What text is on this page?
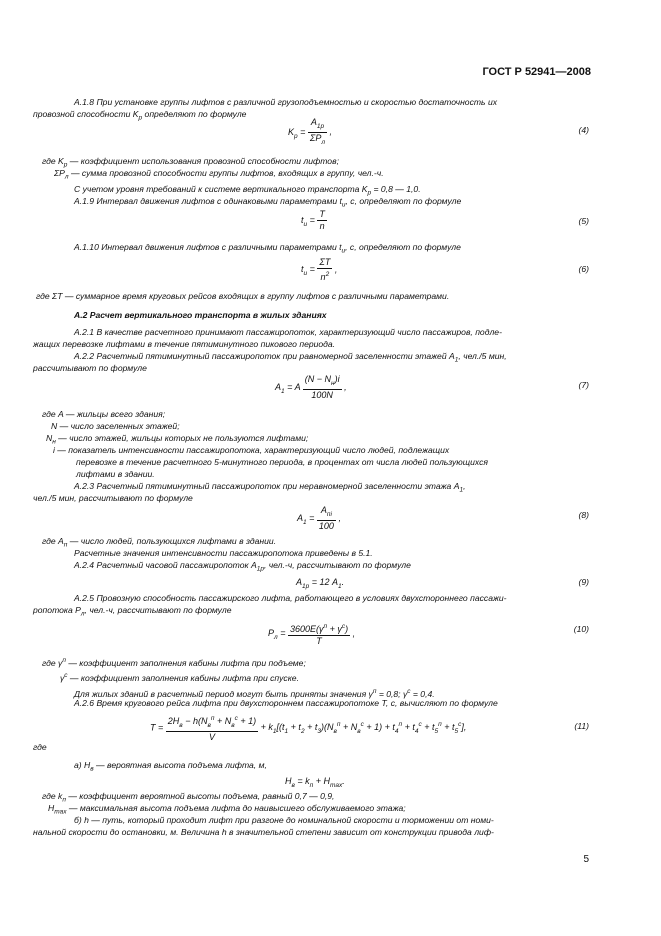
ГОСТ Р 52941—2008
А.1.8 При установке группы лифтов с различной грузоподъемностью и скоростью достаточность их
провозной способности $K_р$ определяют по формуле
где $K_р$ — коэффициент использования провозной способности лифтов;
$\Sigma P_л$ — сумма провозной способности группы лифтов, входящих в группу, чел.-ч.
С учетом уровня требований к системе вертикального транспорта $K_р = 0,8$ — 1,0.
А.1.9 Интервал движения лифтов с одинаковыми параметрами $t_и$, с, определяют по формуле
А.1.10 Интервал движения лифтов с различными параметрами $t_и$, с, определяют по формуле
где ΣT — суммарное время круговых рейсов входящих в группу лифтов с различными параметрами.
А.2 Расчет вертикального транспорта в жилых зданиях
А.2.1 В качестве расчетного принимают пассажиропоток, характеризующий число пассажиров, подле-
жащих перевозке лифтами в течение пятиминутного пикового периода.
А.2.2 Расчетный пятиминутный пассажиропоток при равномерной заселенности этажей $A_1$, чел./5 мин,
рассчитывают по формуле
где A — жильцы всего здания;
N — число заселенных этажей;
$N_н$ — число этажей, жильцы которых не пользуются лифтами;
i — показатель интенсивности пассажиропотока, характеризующий число людей, подлежащих
перевозке в течение расчетного 5-минутного периода, в процентах от числа людей пользующихся
лифтами в здании.
А.2.3 Расчетный пятиминутный пассажиропоток при неравномерной заселенности этажа $A_1$,
чел./5 мин, рассчитывают по формуле
где $A_п$ — число людей, пользующихся лифтами в здании.
Расчетные значения интенсивности пассажиропотока приведены в 5.1.
А.2.4 Расчетный часовой пассажиропоток $A_{1р}$, чел.-ч, рассчитывают по формуле
А.2.5 Провозную способность пассажирского лифта, работающего в условиях двухстороннего пассажи-
ропотока $P_л$, чел.-ч, рассчитывают по формуле
где $\gamma^п$ — коэффициент заполнения кабины лифта при подъеме;
$\gamma^с$ — коэффициент заполнения кабины лифта при спуске.
Для жилых зданий в расчетный период могут быть приняты значения $\gamma^п = 0,8$; $\gamma^с = 0,4$.
А.2.6 Время кругового рейса лифта при двухстороннем пассажиропотоке T, с, вычисляют по формуле
где
а) $H_в$ — вероятная высота подъема лифта, м,
где $k_п$ — коэффициент вероятной высоты подъема, равный 0,7 — 0,9,
$H_{max}$ — максимальная высота подъема лифта до наивысшего обслуживаемого этажа;
б) h — путь, который проходит лифт при разгоне до номинальной скорости и торможении от номи-
нальной скорости до остановки, м. Величина h в значительной степени зависит от конструкции привода лиф-
$K_р = \frac{A_{1р}}{\Sigma P_л}$ ,	(4)
$t_и = \frac{T}{n}$	(5)
$t_и = \frac{\Sigma T}{n^2}$ ,	(6)
$A_1 = A \frac{(N - N_н)i}{100N}$ ,	(7)
$A_1 = \frac{A_{пi}}{100}$ ,	(8)
$A_{1р} = 12$ $A_1$.	(9)
$P_л = \frac{3600E(\gamma^п + \gamma^с)}{T}$ ,	(10)
$T = \frac{2H_в - h(N_в^п + N_в^с + 1)}{V} + k_1[(t_1 + t_2 + t_3)(N_в^п + N_в^с + 1) + t_4^п + t_4^с + t_5^п + t_5^с]$,	(11)
$H_в = k_п + H_{max}$.
5
